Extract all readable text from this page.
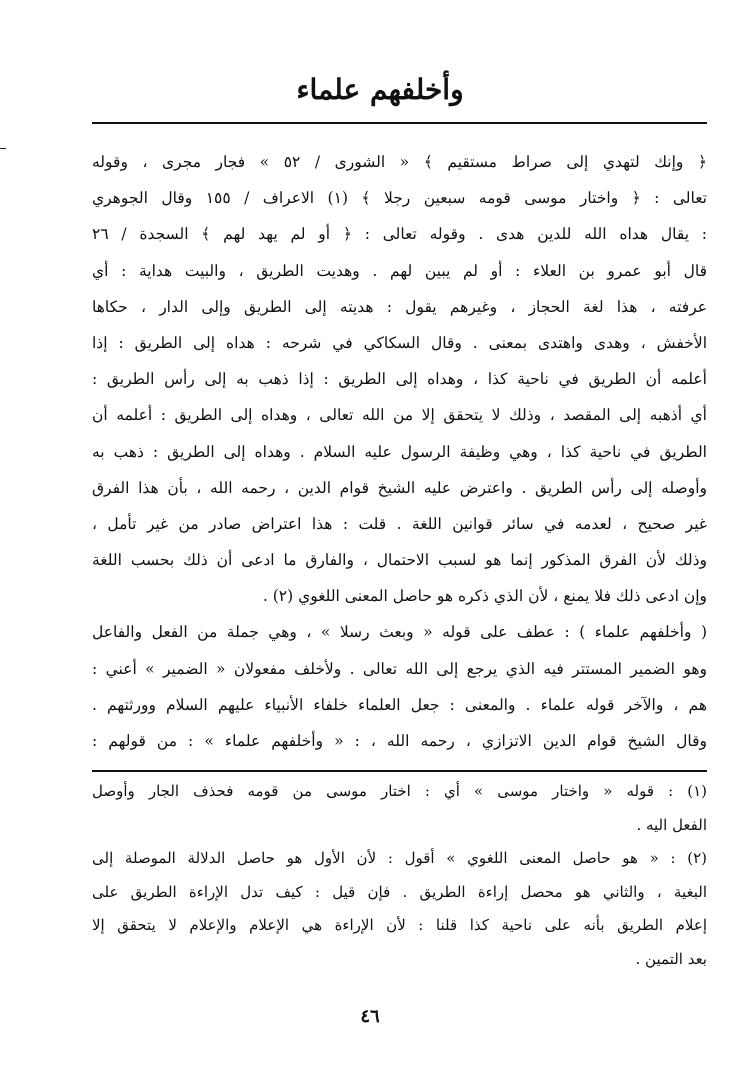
وأخلفهم علماء
﴿ وإنك لتهدي إلى صراط مستقيم ﴾ « الشورى / ٥٢ » فجار مجرى ، وقوله
تعالى : ﴿ واختار موسى قومه سبعين رجلا ﴾ (١) الاعراف / ١٥٥ وقال الجوهري
: يقال هداه الله للدين هدى . وقوله تعالى : ﴿ أو لم يهد لهم ﴾ السجدة / ٢٦
قال أبو عمرو بن العلاء : أو لم يبين لهم . وهديت الطريق ، والبيت هداية : أي
عرفته ، هذا لغة الحجاز ، وغيرهم يقول : هديته إلى الطريق وإلى الدار ، حكاها
الأخفش ، وهدى واهتدى بمعنى . وقال السكاكي في شرحه : هداه إلى الطريق : إذا
أعلمه أن الطريق في ناحية كذا ، وهداه إلى الطريق : إذا ذهب به إلى رأس الطريق :
أي أذهبه إلى المقصد ، وذلك لا يتحقق إلا من الله تعالى ، وهداه إلى الطريق : أعلمه أن
الطريق في ناحية كذا ، وهي وظيفة الرسول عليه السلام . وهداه إلى الطريق : ذهب به
وأوصله إلى رأس الطريق . واعترض عليه الشيخ قوام الدين ، رحمه الله ، بأن هذا الفرق
غير صحيح ، لعدمه في سائر قوانين اللغة . قلت : هذا اعتراض صادر من غير تأمل ،
وذلك لأن الفرق المذكور إنما هو لسبب الاحتمال ، والفارق ما ادعى أن ذلك بحسب اللغة
وإن ادعى ذلك فلا يمنع ، لأن الذي ذكره هو حاصل المعنى اللغوي (٢) .
( وأخلفهم علماء ) : عطف على قوله « وبعث رسلا » ، وهي جملة من الفعل والفاعل
وهو الضمير المستتر فيه الذي يرجع إلى الله تعالى . ولأخلف مفعولان « الضمير » أعني :
هم ، والآخر قوله علماء . والمعنى : جعل العلماء خلفاء الأنبياء عليهم السلام وورثتهم .
وقال الشيخ قوام الدين الاتزازي ، رحمه الله ، : « وأخلفهم علماء » : من قولهم :
(١) : قوله « واختار موسى » أي : اختار موسى من قومه فحذف الجار وأوصل
الفعل اليه .
(٢) : « هو حاصل المعنى اللغوي » أقول : لأن الأول هو حاصل الدلالة الموصلة إلى
البغية ، والثاني هو محصل إراءة الطريق . فإن قيل : كيف تدل الإراءة الطريق على
إعلام الطريق بأنه على ناحية كذا قلنا : لأن الإراءة هي الإعلام والإعلام لا يتحقق إلا
بعد التمين .
٤٦
